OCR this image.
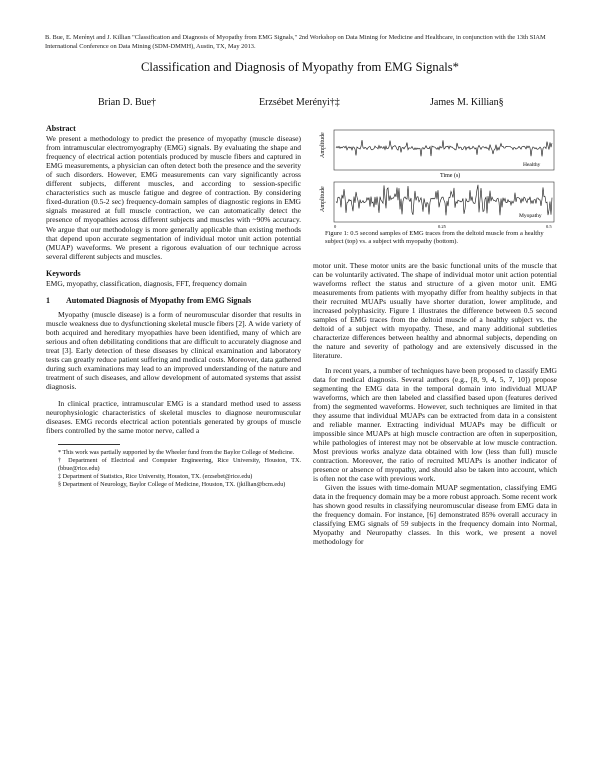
B. Bue, E. Merényi and J. Killian "Classification and Diagnosis of Myopathy from EMG Signals," 2nd Workshop on Data Mining for Medicine and Healthcare, in conjunction with the 13th SIAM International Conference on Data Mining (SDM-DMMH), Austin, TX, May 2013.
Classification and Diagnosis of Myopathy from EMG Signals*
Brian D. Bue†	Erzsébet Merényi†‡	James M. Killian§
Abstract

We present a methodology to predict the presence of myopathy (muscle disease) from intramuscular electromyography (EMG) signals. By evaluating the shape and frequency of electrical action potentials produced by muscle fibers and captured in EMG measurements, a physician can often detect both the presence and the severity of such disorders. However, EMG measurements can vary significantly across different subjects, different muscles, and according to session-specific characteristics such as muscle fatigue and degree of contraction. By considering fixed-duration (0.5-2 sec) frequency-domain samples of diagnostic regions in EMG signals measured at full muscle contraction, we can automatically detect the presence of myopathies across different subjects and muscles with ~90% accuracy. We argue that our methodology is more generally applicable than existing methods that depend upon accurate segmentation of individual motor unit action potential (MUAP) waveforms. We present a rigorous evaluation of our technique across several different subjects and muscles.

Keywords

EMG, myopathy, classification, diagnosis, FFT, frequency domain

1 Automated Diagnosis of Myopathy from EMG Signals

Myopathy (muscle disease) is a form of neuromuscular disorder that results in muscle weakness due to dysfunctioning skeletal muscle fibers [2]. A wide variety of both acquired and hereditary myopathies have been identified, many of which are serious and often debilitating conditions that are difficult to accurately diagnose and treat [3]. Early detection of these diseases by clinical examination and laboratory tests can greatly reduce patient suffering and medical costs. Moreover, data gathered during such examinations may lead to an improved understanding of the nature and treatment of such diseases, and allow development of automated systems that assist diagnosis.

In clinical practice, intramuscular EMG is a standard method used to assess neurophysiologic characteristics of skeletal muscles to diagnose neuromuscular diseases. EMG records electrical action potentials generated by groups of muscle fibers controlled by the same motor nerve, called a

* This work was partially supported by the Wheeler fund from the Baylor College of Medicine.

† Department of Electrical and Computer Engineering, Rice University, Houston, TX. (bbue@rice.edu)

‡ Department of Statistics, Rice University, Houston, TX. (erzsebet@rice.edu)

§ Department of Neurology, Baylor College of Medicine, Houston, TX. (jkillian@bcm.edu)

Amplitude
Time (s)
Healthy
Amplitude
Myopathy
0	0.25	0.5
Figure 1: 0.5 second samples of EMG traces from the deltoid muscle from a healthy subject (top) vs. a subject with myopathy (bottom).

motor unit. These motor units are the basic functional units of the muscle that can be voluntarily activated. The shape of individual motor unit action potential waveforms reflect the status and structure of a given motor unit. EMG measurements from patients with myopathy differ from healthy subjects in that their recruited MUAPs usually have shorter duration, lower amplitude, and increased polyphasicity. Figure 1 illustrates the difference between 0.5 second samples of EMG traces from the deltoid muscle of a healthy subject vs. the deltoid of a subject with myopathy. These, and many additional subtleties characterize differences between healthy and abnormal subjects, depending on the nature and severity of pathology and are extensively discussed in the literature.

In recent years, a number of techniques have been proposed to classify EMG data for medical diagnosis. Several authors (e.g., [8, 9, 4, 5, 7, 10]) propose segmenting the EMG data in the temporal domain into individual MUAP waveforms, which are then labeled and classified based upon (features derived from) the segmented waveforms. However, such techniques are limited in that they assume that individual MUAPs can be extracted from data in a consistent and reliable manner. Extracting individual MUAPs may be difficult or impossible since MUAPs at high muscle contraction are often in superposition, while pathologies of interest may not be observable at low muscle contraction. Most previous works analyze data obtained with low (less than full) muscle contraction. Moreover, the ratio of recruited MUAPs is another indicator of presence or absence of myopathy, and should also be taken into account, which is often not the case with previous work.

Given the issues with time-domain MUAP segmentation, classifying EMG data in the frequency domain may be a more robust approach. Some recent work has shown good results in classifying neuromuscular disease from EMG data in the frequency domain. For instance, [6] demonstrated 85% overall accuracy in classifying EMG signals of 59 subjects in the frequency domain into Normal, Myopathy and Neuropathy classes. In this work, we present a novel methodology for
